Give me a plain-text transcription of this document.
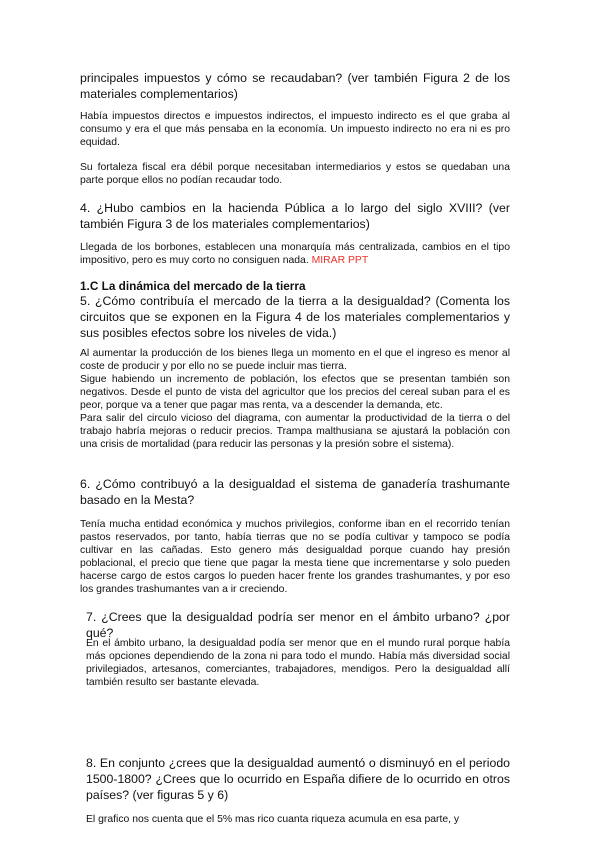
principales impuestos y cómo se recaudaban? (ver también Figura 2 de los materiales complementarios)

Había impuestos directos e impuestos indirectos, el impuesto indirecto es el que graba al consumo y era el que más pensaba en la economía. Un impuesto indirecto no era ni es pro equidad.

Su fortaleza fiscal era débil porque necesitaban intermediarios y estos se quedaban una parte porque ellos no podían recaudar todo.

4. ¿Hubo cambios en la hacienda Pública a lo largo del siglo XVIII? (ver también Figura 3 de los materiales complementarios)

Llegada de los borbones, establecen una monarquía más centralizada, cambios en el tipo impositivo, pero es muy corto no consiguen nada. MIRAR PPT

1.C La dinámica del mercado de la tierra

5. ¿Cómo contribuía el mercado de la tierra a la desigualdad? (Comenta los circuitos que se exponen en la Figura 4 de los materiales complementarios y sus posibles efectos sobre los niveles de vida.)

Al aumentar la producción de los bienes llega un momento en el que el ingreso es menor al coste de producir y por ello no se puede incluir mas tierra.

Sigue habiendo un incremento de población, los efectos que se presentan también son negativos. Desde el punto de vista del agricultor que los precios del cereal suban para el es peor, porque va a tener que pagar mas renta, va a descender la demanda, etc.

Para salir del circulo vicioso del diagrama, con aumentar la productividad de la tierra o del trabajo habría mejoras o reducir precios. Trampa malthusiana se ajustará la población con una crisis de mortalidad (para reducir las personas y la presión sobre el sistema).

6. ¿Cómo contribuyó a la desigualdad el sistema de ganadería trashumante basado en la Mesta?

Tenía mucha entidad económica y muchos privilegios, conforme iban en el recorrido tenían pastos reservados, por tanto, había tierras que no se podía cultivar y tampoco se podía cultivar en las cañadas. Esto genero más desigualdad porque cuando hay presión poblacional, el precio que tiene que pagar la mesta tiene que incrementarse y solo pueden hacerse cargo de estos cargos lo pueden hacer frente los grandes trashumantes, y por eso los grandes trashumantes van a ir creciendo.

7. ¿Crees que la desigualdad podría ser menor en el ámbito urbano? ¿por qué?

En el ámbito urbano, la desigualdad podía ser menor que en el mundo rural porque había más opciones dependiendo de la zona ni para todo el mundo. Había más diversidad social privilegiados, artesanos, comerciantes, trabajadores, mendigos. Pero la desigualdad allí también resulto ser bastante elevada.

8. En conjunto ¿crees que la desigualdad aumentó o disminuyó en el periodo 1500-1800? ¿Crees que lo ocurrido en España difiere de lo ocurrido en otros países? (ver figuras 5 y 6)

El grafico nos cuenta que el 5% mas rico cuanta riqueza acumula en esa parte, y
